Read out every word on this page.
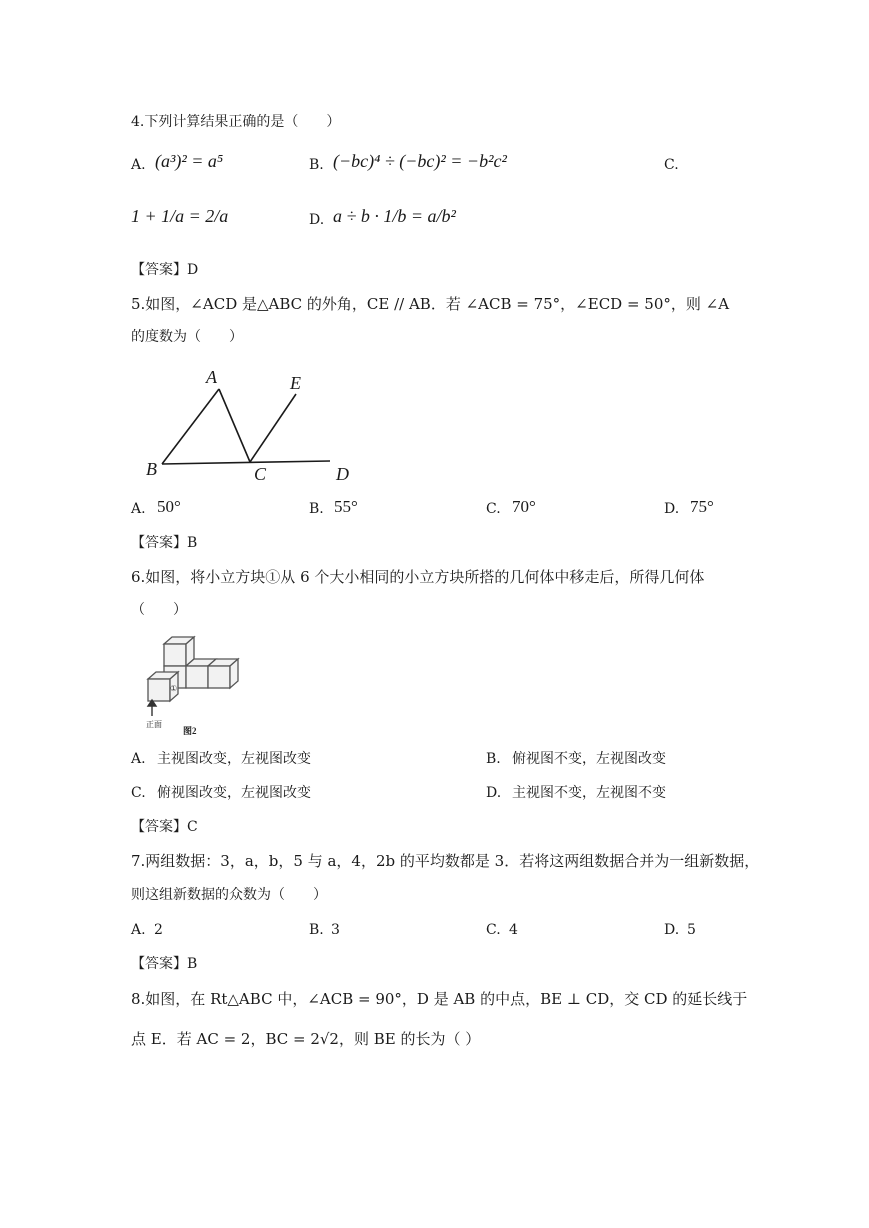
4.下列计算结果正确的是（　　）
A. (a³)² = a⁵	B. (−bc)⁴ ÷ (−bc)² = −b²c²	C.
1 + 1/a = 2/a	D. a ÷ b · 1/b = a/b²
【答案】D
5.如图，∠ACD 是△ABC 的外角，CE // AB．若 ∠ACB = 75°，∠ECD = 50°，则 ∠A
的度数为（　　）
A	E
B	C	D
A. 50°	B. 55°	C. 70°	D. 75°
【答案】B
6.如图，将小立方块①从 6 个大小相同的小立方块所搭的几何体中移走后，所得几何体
（　　）
①
正面
图2
A. 主视图改变，左视图改变	B. 俯视图不变，左视图改变
C. 俯视图改变，左视图改变	D. 主视图不变，左视图不变
【答案】C
7.两组数据：3，a，b，5 与 a，4，2b 的平均数都是 3．若将这两组数据合并为一组新数据，
则这组新数据的众数为（　　）
A. 2	B. 3	C. 4	D. 5
【答案】B
8.如图，在 Rt△ABC 中，∠ACB = 90°，D 是 AB 的中点，BE ⊥ CD，交 CD 的延长线于
点 E．若 AC = 2，BC = 2√2，则 BE 的长为（ ）
